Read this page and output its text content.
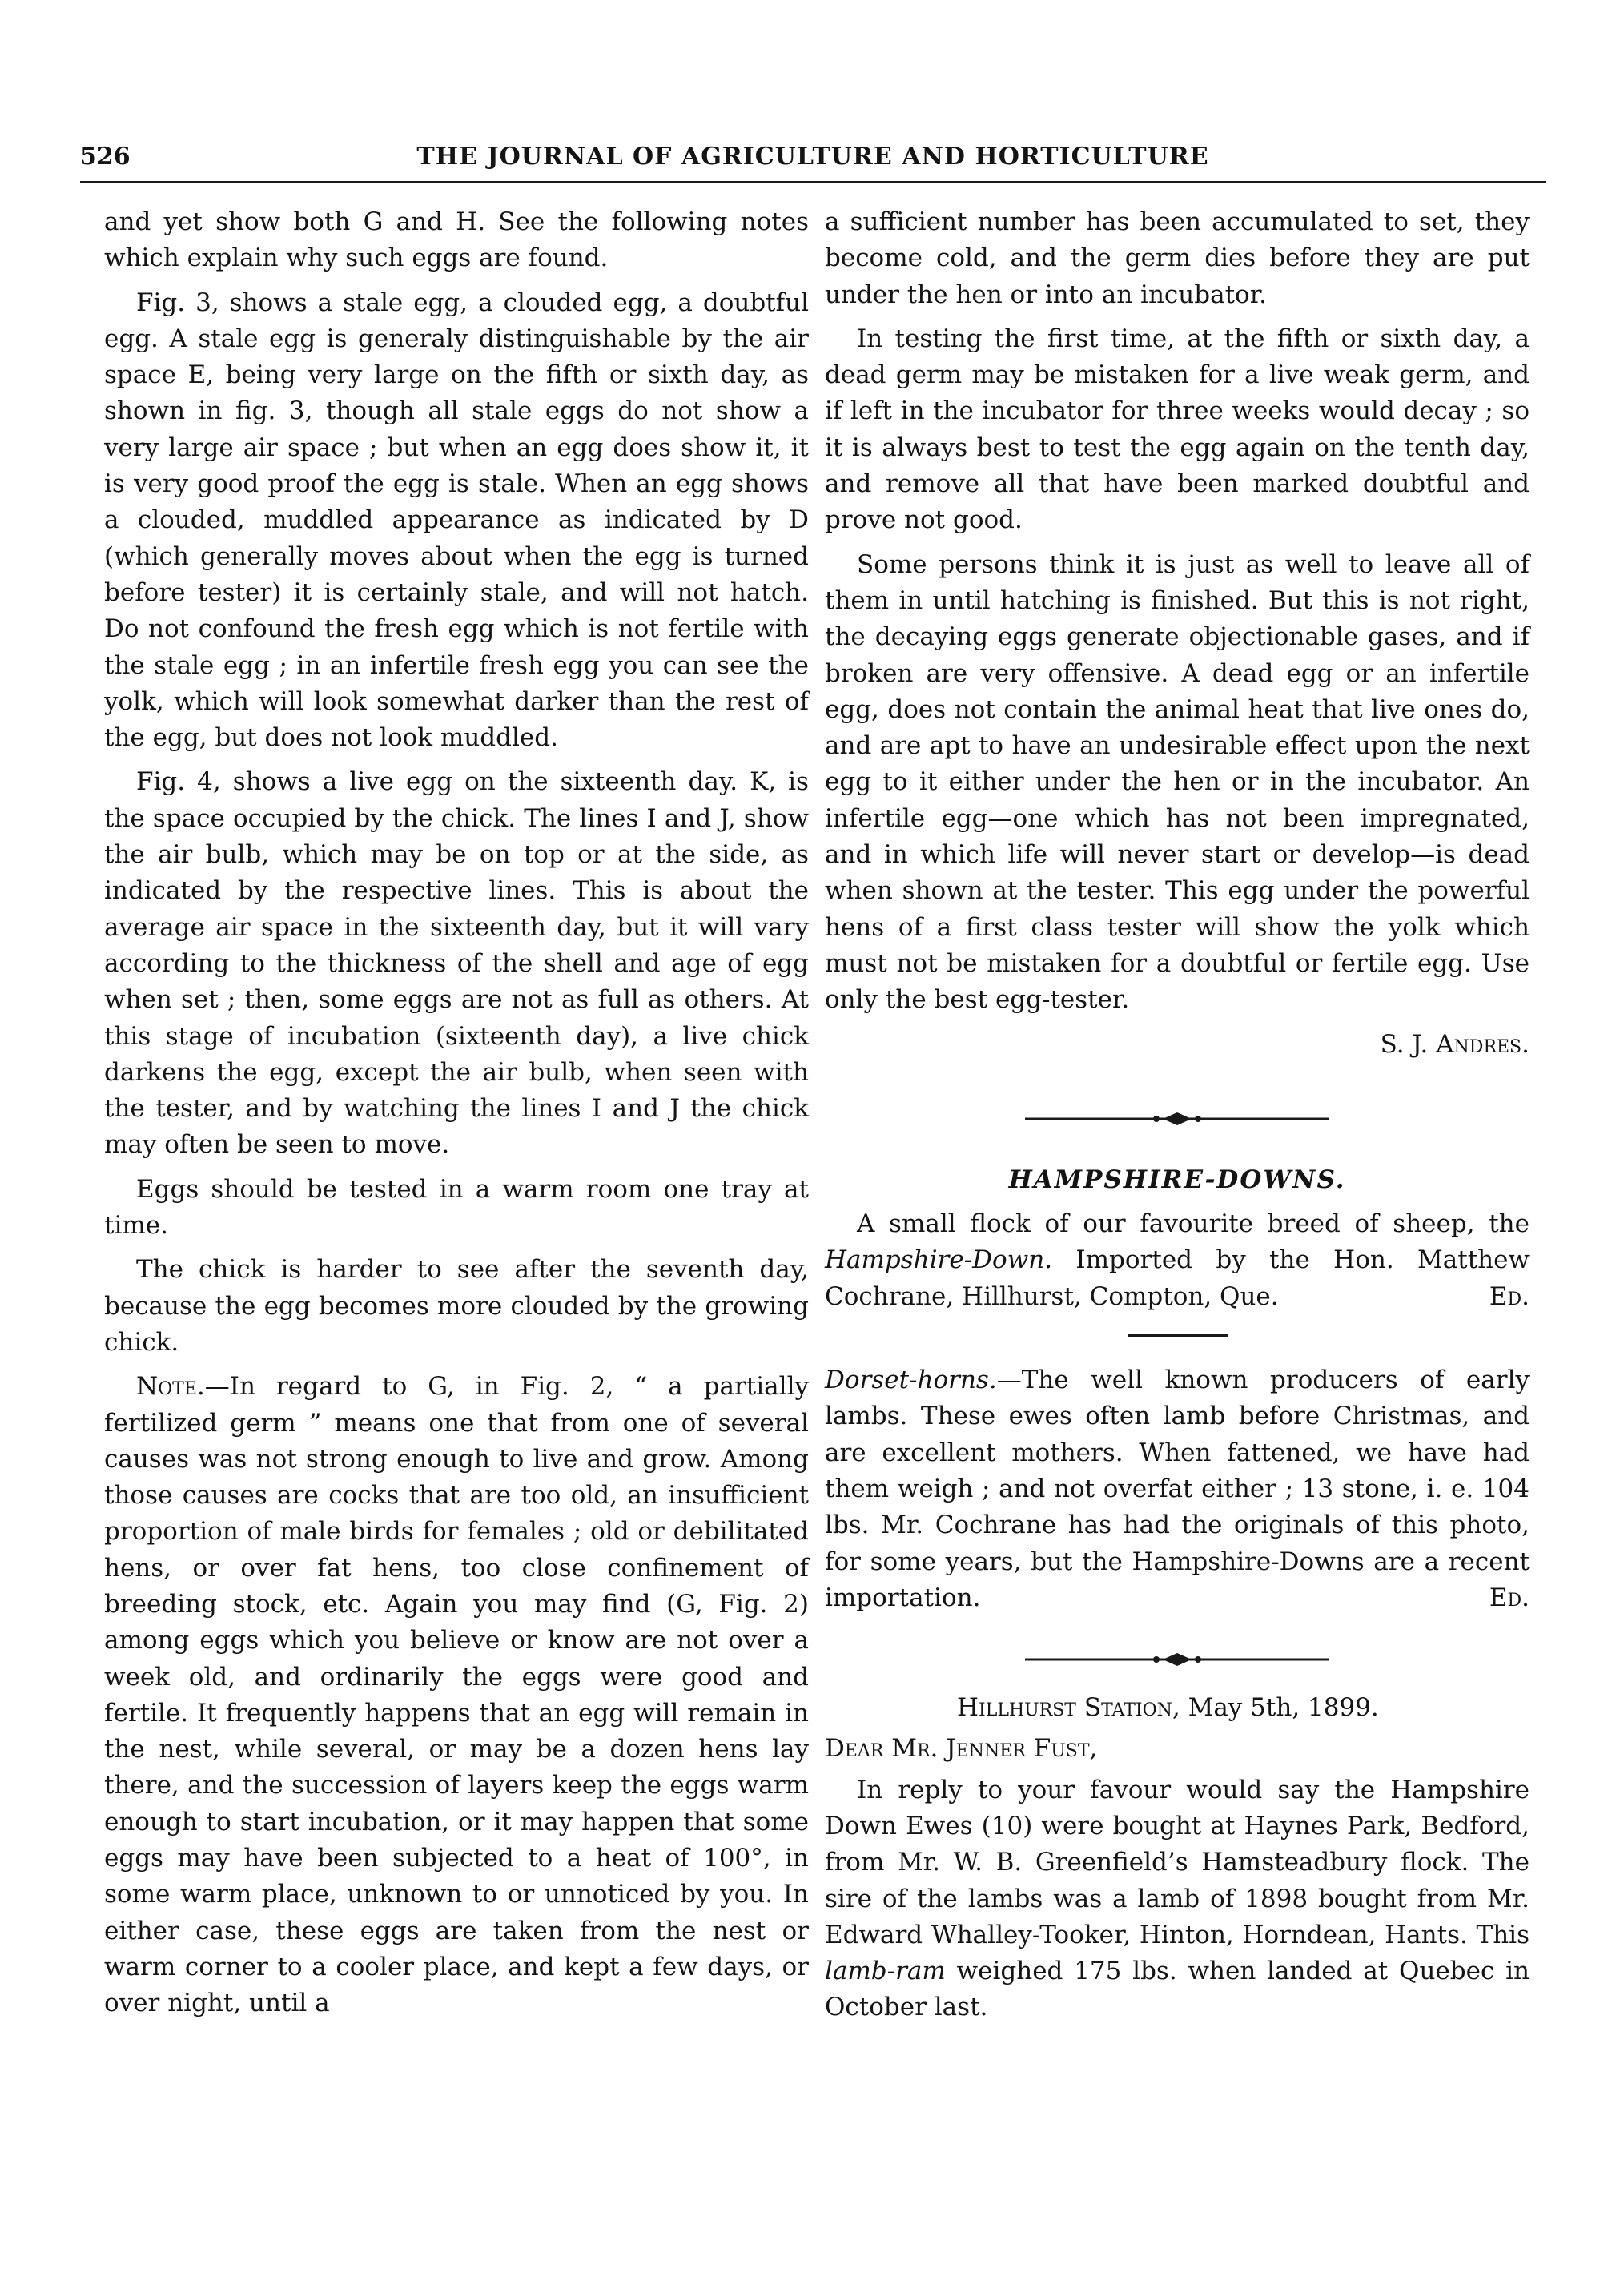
526	THE JOURNAL OF AGRICULTURE AND HORTICULTURE

and yet show both G and H. See the following notes which explain why such eggs are found.

Fig. 3, shows a stale egg, a clouded egg, a doubtful egg. A stale egg is generaly distinguishable by the air space E, being very large on the fifth or sixth day, as shown in fig. 3, though all stale eggs do not show a very large air space ; but when an egg does show it, it is very good proof the egg is stale. When an egg shows a clouded, muddled appearance as indicated by D (which generally moves about when the egg is turned before tester) it is certainly stale, and will not hatch. Do not confound the fresh egg which is not fertile with the stale egg ; in an infertile fresh egg you can see the yolk, which will look somewhat darker than the rest of the egg, but does not look muddled.

Fig. 4, shows a live egg on the sixteenth day. K, is the space occupied by the chick. The lines I and J, show the air bulb, which may be on top or at the side, as indicated by the respective lines. This is about the average air space in the sixteenth day, but it will vary according to the thickness of the shell and age of egg when set ; then, some eggs are not as full as others. At this stage of incubation (sixteenth day), a live chick darkens the egg, except the air bulb, when seen with the tester, and by watching the lines I and J the chick may often be seen to move.

Eggs should be tested in a warm room one tray at time.

The chick is harder to see after the seventh day, because the egg becomes more clouded by the growing chick.

Note.—In regard to G, in Fig. 2, “ a partially fertilized germ ” means one that from one of several causes was not strong enough to live and grow. Among those causes are cocks that are too old, an insufficient proportion of male birds for females ; old or debilitated hens, or over fat hens, too close confinement of breeding stock, etc. Again you may find (G, Fig. 2) among eggs which you believe or know are not over a week old, and ordinarily the eggs were good and fertile. It frequently happens that an egg will remain in the nest, while several, or may be a dozen hens lay there, and the succession of layers keep the eggs warm enough to start incubation, or it may happen that some eggs may have been subjected to a heat of 100°, in some warm place, unknown to or unnoticed by you. In either case, these eggs are taken from the nest or warm corner to a cooler place, and kept a few days, or over night, until a

a sufficient number has been accumulated to set, they become cold, and the germ dies before they are put under the hen or into an incubator.

In testing the first time, at the fifth or sixth day, a dead germ may be mistaken for a live weak germ, and if left in the incubator for three weeks would decay ; so it is always best to test the egg again on the tenth day, and remove all that have been marked doubtful and prove not good.

Some persons think it is just as well to leave all of them in until hatching is finished. But this is not right, the decaying eggs generate objectionable gases, and if broken are very offensive. A dead egg or an infertile egg, does not contain the animal heat that live ones do, and are apt to have an undesirable effect upon the next egg to it either under the hen or in the incubator. An infertile egg—one which has not been impregnated, and in which life will never start or develop—is dead when shown at the tester. This egg under the powerful hens of a first class tester will show the yolk which must not be mistaken for a doubtful or fertile egg. Use only the best egg-tester.

S. J. Andres.

HAMPSHIRE-DOWNS.

A small flock of our favourite breed of sheep, the Hampshire-Down. Imported by the Hon. Matthew Cochrane, Hillhurst, Compton, Que.	Ed.

Dorset-horns.—The well known producers of early lambs. These ewes often lamb before Christmas, and are excellent mothers. When fattened, we have had them weigh ; and not overfat either ; 13 stone, i. e. 104 lbs. Mr. Cochrane has had the originals of this photo, for some years, but the Hampshire-Downs are a recent importation.	Ed.

Hillhurst Station, May 5th, 1899.

Dear Mr. Jenner Fust,

In reply to your favour would say the Hampshire Down Ewes (10) were bought at Haynes Park, Bedford, from Mr. W. B. Greenfield’s Hamsteadbury flock. The sire of the lambs was a lamb of 1898 bought from Mr. Edward Whalley-Tooker, Hinton, Horndean, Hants. This lamb-ram weighed 175 lbs. when landed at Quebec in October last.
